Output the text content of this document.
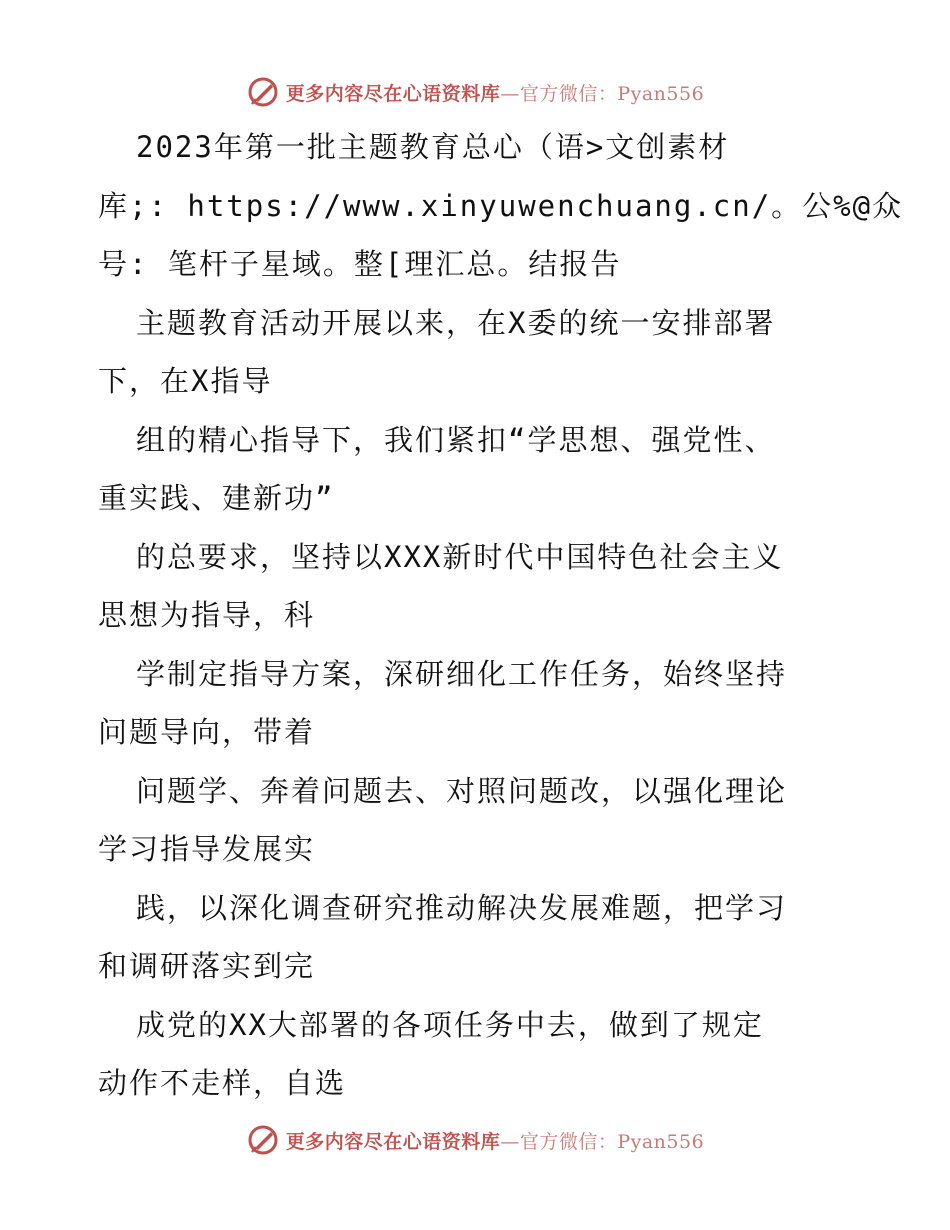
更多内容尽在心语资料库—官方微信：Pyan556
2023年第一批主题教育总心（语>文创素材
库;: https://www.xinyuwenchuang.cn/。公%@众
号: 笔杆子星域。整[理汇总。结报告
主题教育活动开展以来，在X委的统一安排部署
下，在X指导
组的精心指导下，我们紧扣“学思想、强党性、
重实践、建新功”
的总要求，坚持以XXX新时代中国特色社会主义
思想为指导，科
学制定指导方案，深研细化工作任务，始终坚持
问题导向，带着
问题学、奔着问题去、对照问题改，以强化理论
学习指导发展实
践，以深化调查研究推动解决发展难题，把学习
和调研落实到完
成党的XX大部署的各项任务中去，做到了规定
动作不走样，自选
更多内容尽在心语资料库—官方微信：Pyan556
